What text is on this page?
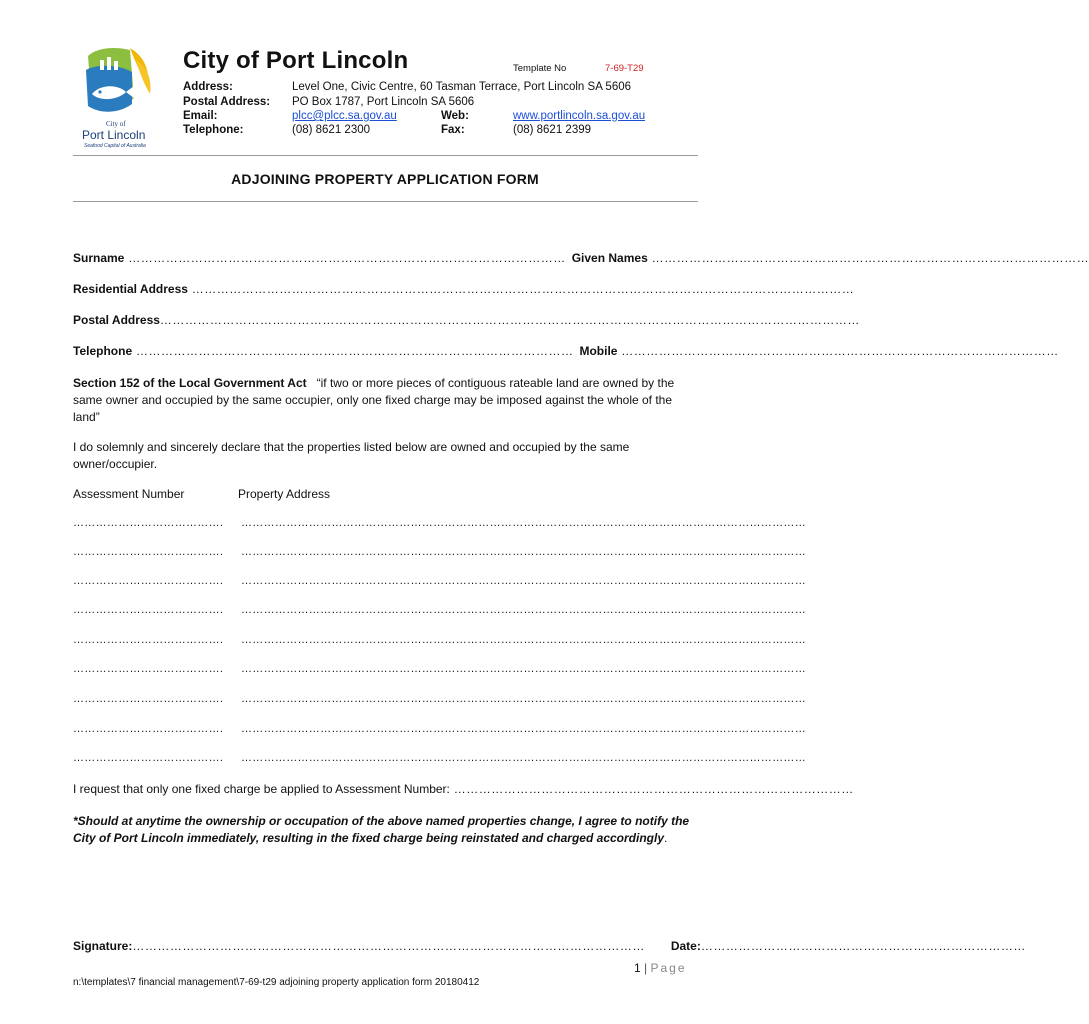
City of
Port Lincoln
Seafood Capital of Australia
City of Port Lincoln	Template No	7-69-T29
Address:	Level One, Civic Centre, 60 Tasman Terrace, Port Lincoln SA 5606
Postal Address: PO Box 1787, Port Lincoln SA 5606
Email:	plcc@plcc.sa.gov.au	Web:	www.portlincoln.sa.gov.au
Telephone:	(08) 8621 2300	Fax:	(08) 8621 2399
ADJOINING PROPERTY APPLICATION FORM
Surname …………………………………………………………………………………………… Given Names ……………………………………………………………………………………………
Residential Address ……………………………………………………………………………………………………………………………………………
Postal Address ……………………………………………………………………………………………………………………………………………………
Telephone …………………………………………………………………………………………… Mobile ……………………………………………………………………………………………
Section 152 of the Local Government Act “if two or more pieces of contiguous rateable land are owned by the same owner and occupied by the same occupier, only one fixed charge may be imposed against the whole of the land”
I do solemnly and sincerely declare that the properties listed below are owned and occupied by the same owner/occupier.
Assessment Number	Property Address
…………………………………. ……………………………………………………………………………………………………………………………………
…………………………………. ……………………………………………………………………………………………………………………………………
…………………………………. ……………………………………………………………………………………………………………………………………
…………………………………. ……………………………………………………………………………………………………………………………………
…………………………………. ……………………………………………………………………………………………………………………………………
…………………………………. ……………………………………………………………………………………………………………………………………
…………………………………. ……………………………………………………………………………………………………………………………………
…………………………………. ……………………………………………………………………………………………………………………………………
…………………………………. ……………………………………………………………………………………………………………………………………
I request that only one fixed charge be applied to Assessment Number: ……………………………………………………………………………………
*Should at anytime the ownership or occupation of the above named properties change, I agree to notify the City of Port Lincoln immediately, resulting in the fixed charge being reinstated and charged accordingly.
Signature: …………………………………………………………………………………………………………… Date: ……………………………………………………………………
1 | Page
n:\templates\7 financial management\7-69-t29 adjoining property application form 20180412
